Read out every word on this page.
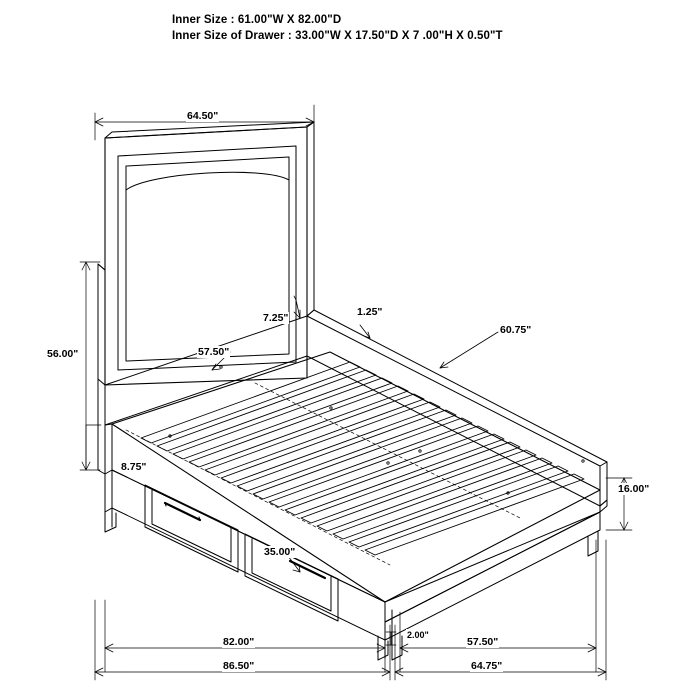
Inner Size : 61.00"W X 82.00"D
Inner Size of Drawer : 33.00"W X 17.50"D X 7 .00"H X 0.50"T
64.50"
56.00"
1.25"
7.25"
57.50"
60.75"
8.75"
35.00"
16.00"
82.00"
86.50"
2.00"
57.50"
64.75"
